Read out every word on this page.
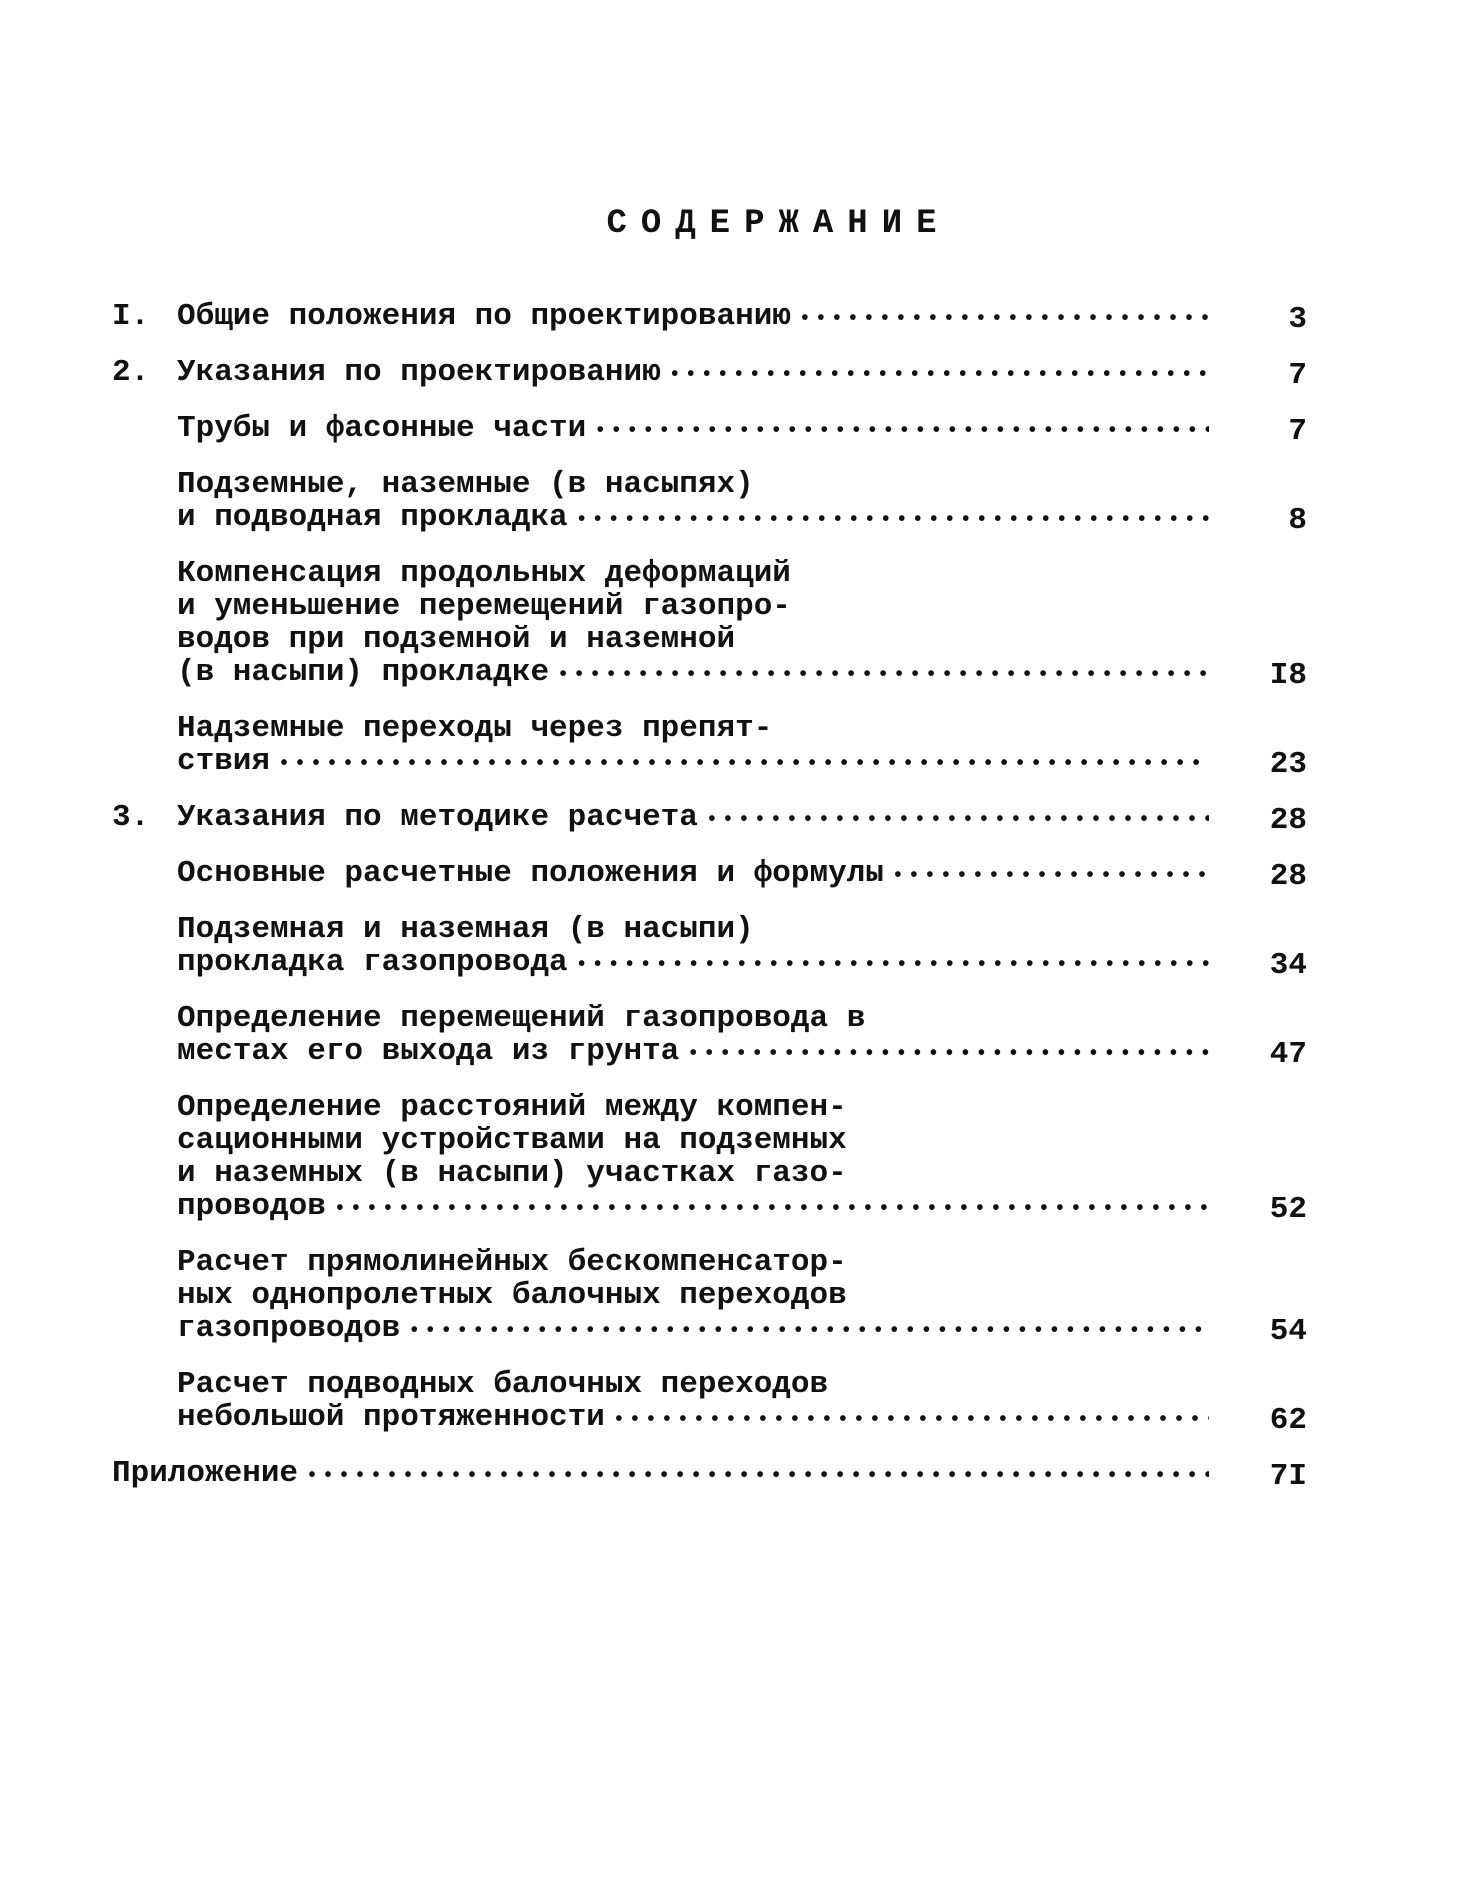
СОДЕРЖАНИЕ
I. Общие положения по проектированию •••••	3
2. Указания по проектированию •••••	7
Трубы и фасонные части •••••	7
Подземные, наземные (в насыпях)
и подводная прокладка •••••	8
Компенсация продольных деформаций
и уменьшение перемещений газопро-
водов при подземной и наземной
(в насыпи) прокладке •••••	I8
Надземные переходы через препят-
ствия •••••	23
3. Указания по методике расчета •••••	28
Основные расчетные положения и формулы •••••	28
Подземная и наземная (в насыпи)
прокладка газопровода •••••	34
Определение перемещений газопровода в
местах его выхода из грунта •••••	47
Определение расстояний между компен-
сационными устройствами на подземных
и наземных (в насыпи) участках газо-
проводов •••••	52
Расчет прямолинейных бескомпенсатор-
ных однопролетных балочных переходов
газопроводов •••••	54
Расчет подводных балочных переходов
небольшой протяженности •••••	62
Приложение •••••	7I
